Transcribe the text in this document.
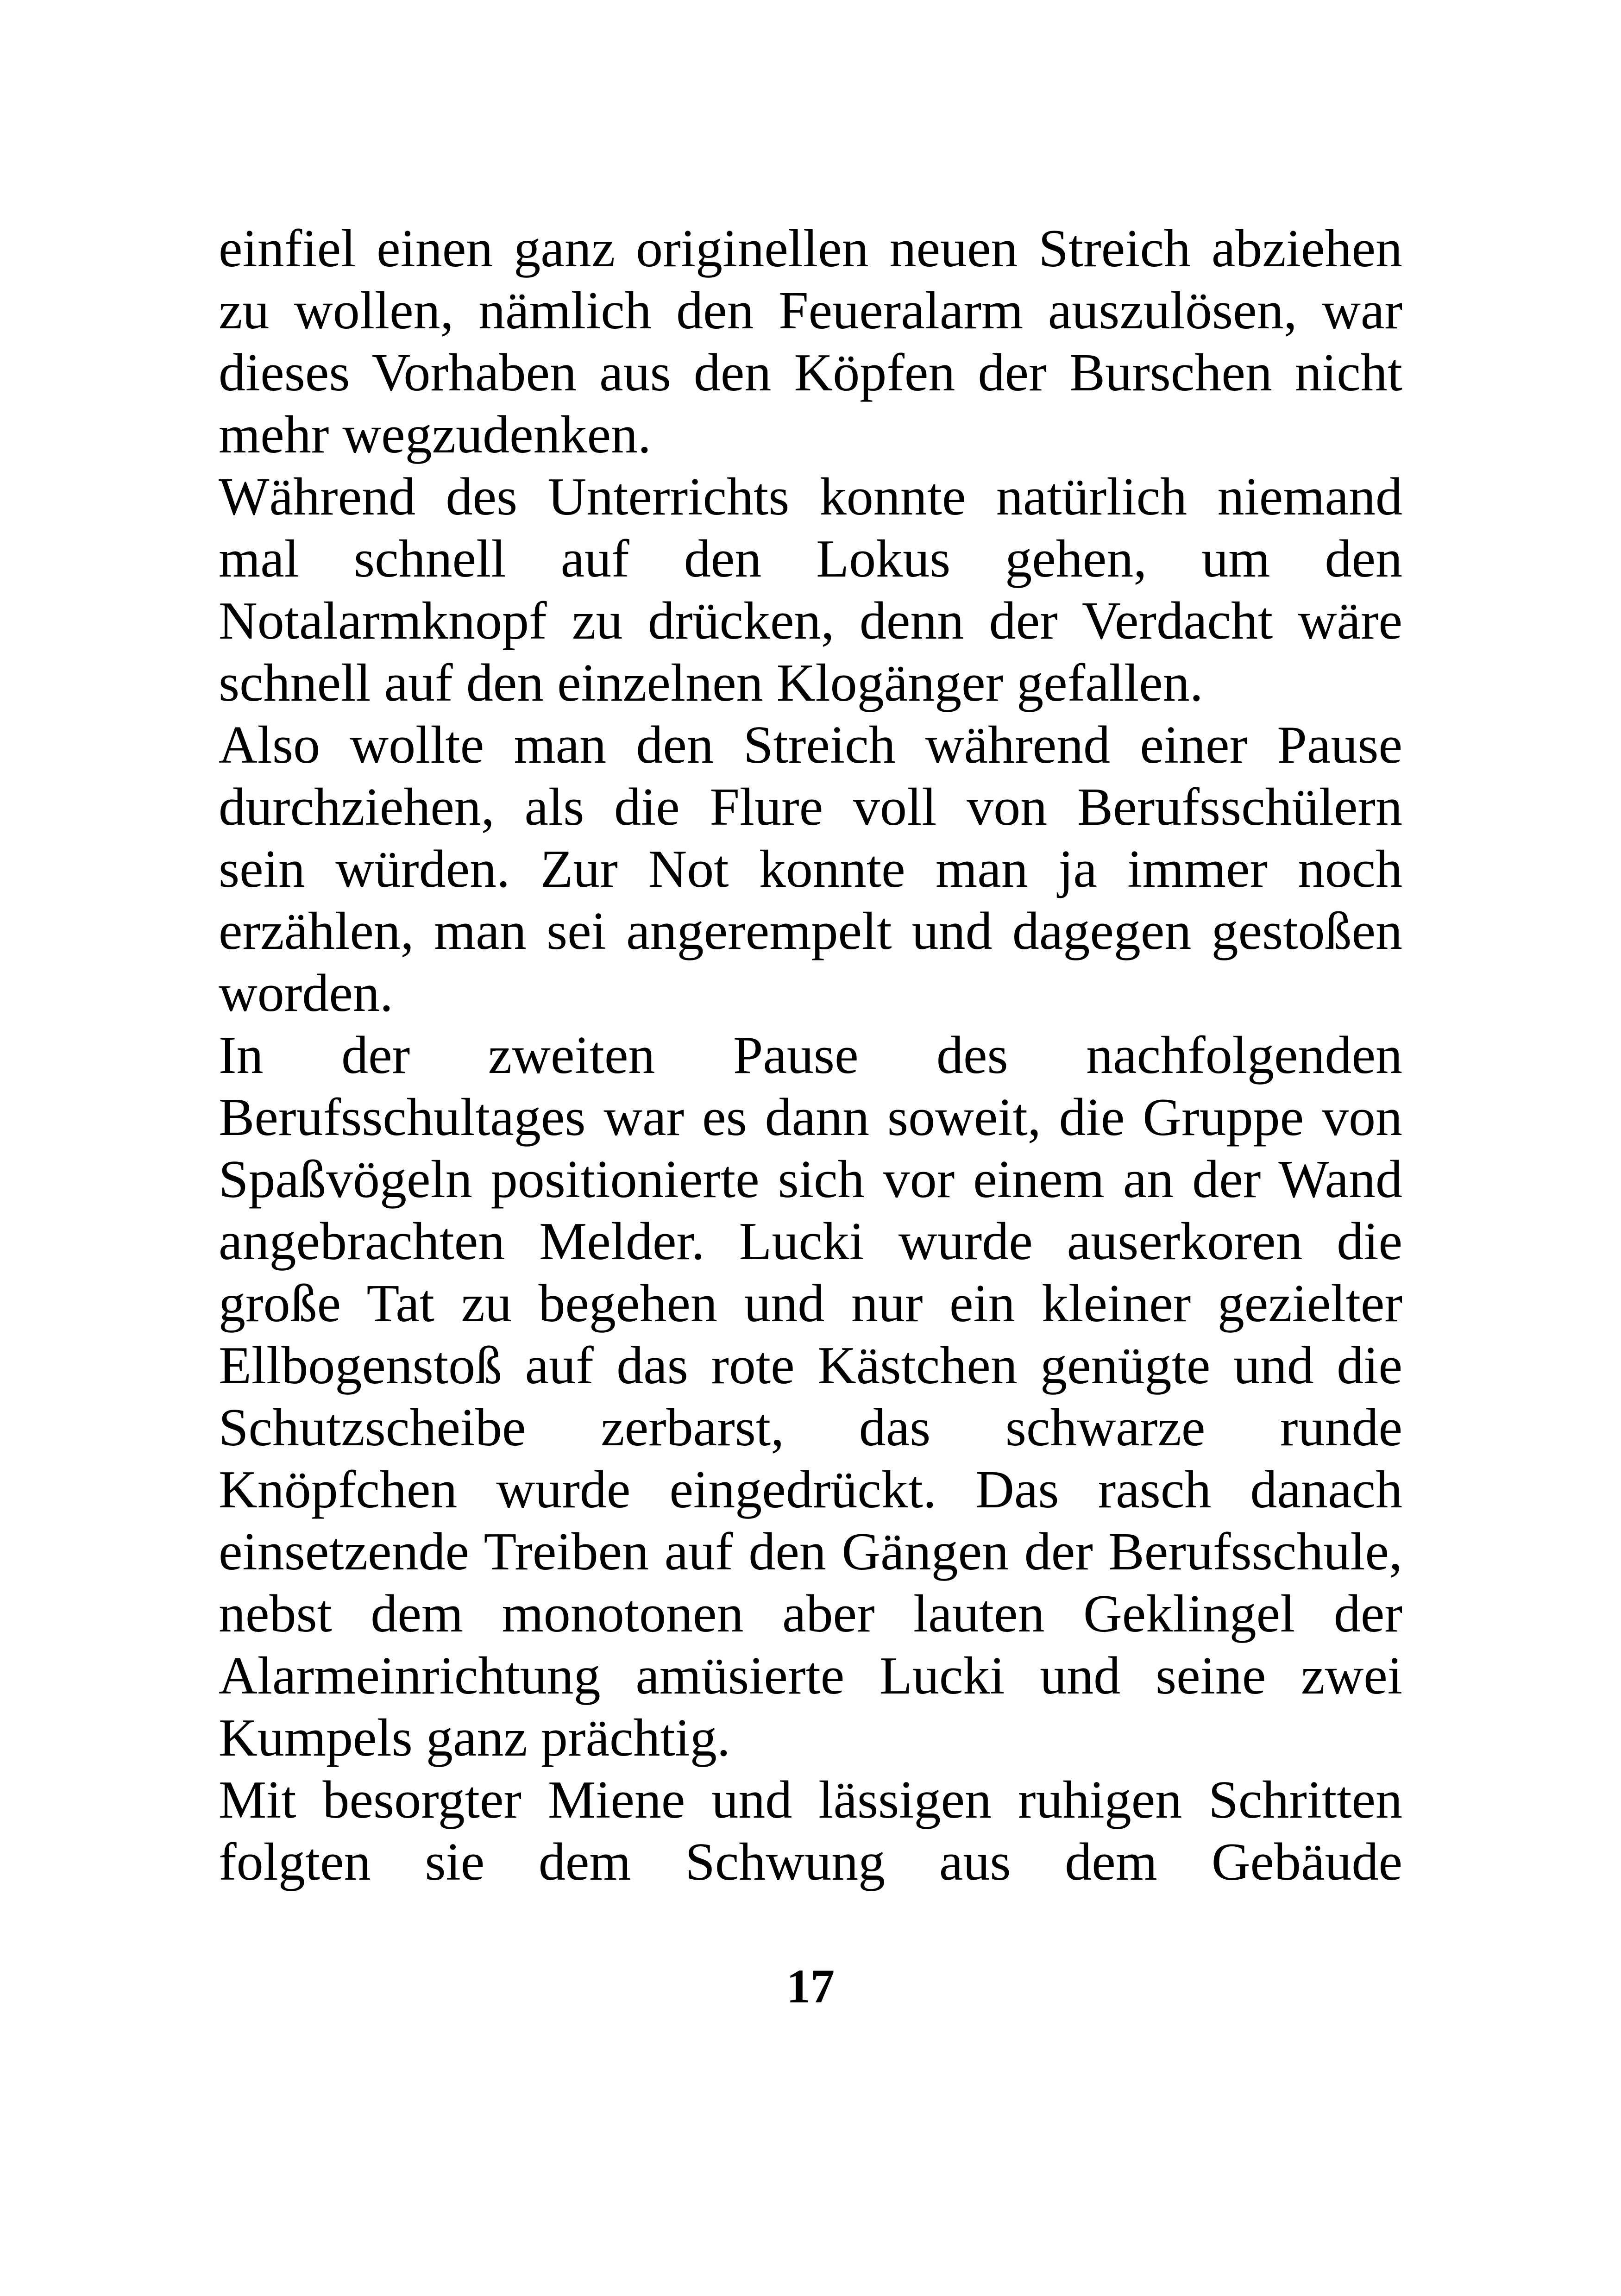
einfiel einen ganz originellen neuen Streich abziehen zu wollen, nämlich den Feueralarm auszulösen, war dieses Vorhaben aus den Köpfen der Burschen nicht mehr wegzudenken.

Während des Unterrichts konnte natürlich niemand mal schnell auf den Lokus gehen, um den Notalarmknopf zu drücken, denn der Verdacht wäre schnell auf den einzelnen Klogänger gefallen.

Also wollte man den Streich während einer Pause durchziehen, als die Flure voll von Berufsschülern sein würden. Zur Not konnte man ja immer noch erzählen, man sei angerempelt und dagegen gestoßen worden.

In der zweiten Pause des nachfolgenden Berufsschultages war es dann soweit, die Gruppe von Spaßvögeln positionierte sich vor einem an der Wand angebrachten Melder. Lucki wurde auserkoren die große Tat zu begehen und nur ein kleiner gezielter Ellbogenstoß auf das rote Kästchen genügte und die Schutzscheibe zerbarst, das schwarze runde Knöpfchen wurde eingedrückt. Das rasch danach einsetzende Treiben auf den Gängen der Berufsschule, nebst dem monotonen aber lauten Geklingel der Alarmeinrichtung amüsierte Lucki und seine zwei Kumpels ganz prächtig.

Mit besorgter Miene und lässigen ruhigen Schritten folgten sie dem Schwung aus dem Gebäude

17
